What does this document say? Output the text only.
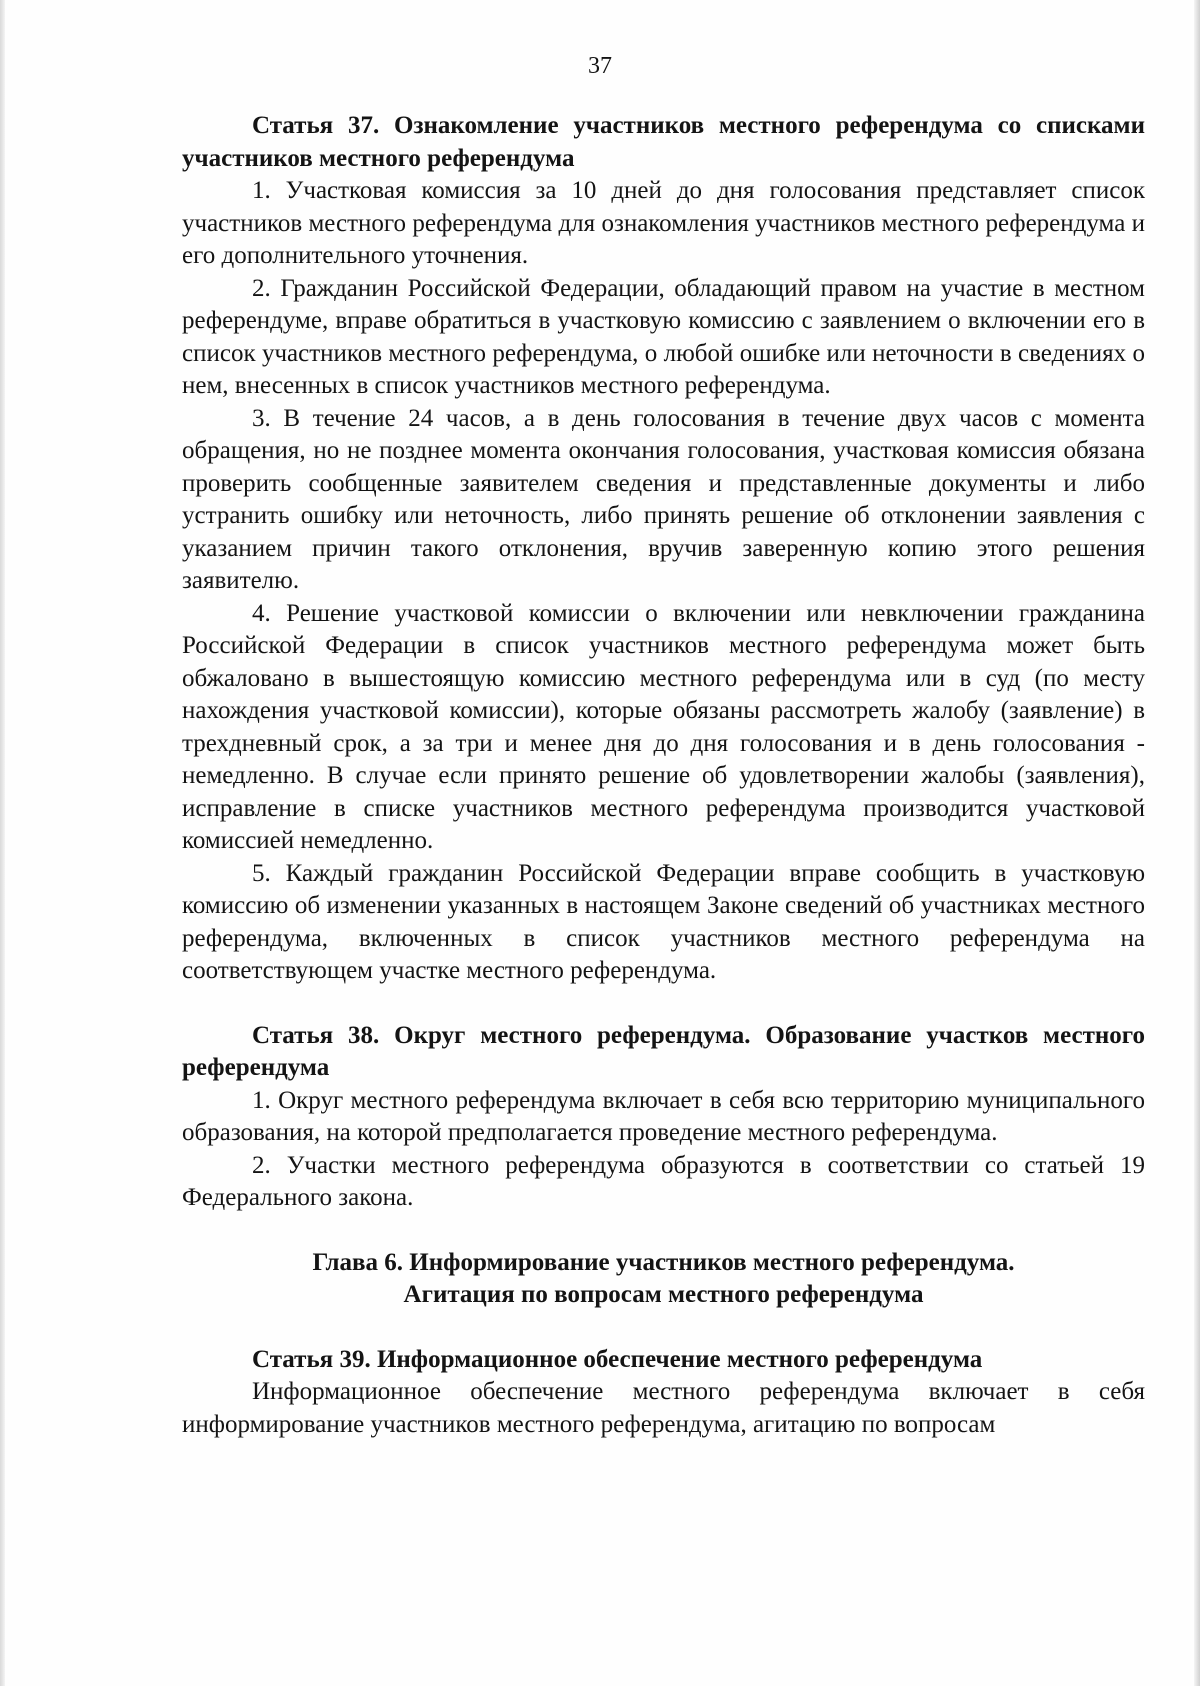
37

Статья 37. Ознакомление участников местного референдума со списками участников местного референдума

1. Участковая комиссия за 10 дней до дня голосования представляет список участников местного референдума для ознакомления участников местного референдума и его дополнительного уточнения.

2. Гражданин Российской Федерации, обладающий правом на участие в местном референдуме, вправе обратиться в участковую комиссию с заявлением о включении его в список участников местного референдума, о любой ошибке или неточности в сведениях о нем, внесенных в список участников местного референдума.

3. В течение 24 часов, а в день голосования в течение двух часов с момента обращения, но не позднее момента окончания голосования, участковая комиссия обязана проверить сообщенные заявителем сведения и представленные документы и либо устранить ошибку или неточность, либо принять решение об отклонении заявления с указанием причин такого отклонения, вручив заверенную копию этого решения заявителю.

4. Решение участковой комиссии о включении или невключении гражданина Российской Федерации в список участников местного референдума может быть обжаловано в вышестоящую комиссию местного референдума или в суд (по месту нахождения участковой комиссии), которые обязаны рассмотреть жалобу (заявление) в трехдневный срок, а за три и менее дня до дня голосования и в день голосования - немедленно. В случае если принято решение об удовлетворении жалобы (заявления), исправление в списке участников местного референдума производится участковой комиссией немедленно.

5. Каждый гражданин Российской Федерации вправе сообщить в участковую комиссию об изменении указанных в настоящем Законе сведений об участниках местного референдума, включенных в список участников местного референдума на соответствующем участке местного референдума.

Статья 38. Округ местного референдума. Образование участков местного референдума

1. Округ местного референдума включает в себя всю территорию муниципального образования, на которой предполагается проведение местного референдума.

2. Участки местного референдума образуются в соответствии со статьей 19 Федерального закона.

Глава 6. Информирование участников местного референдума.

Агитация по вопросам местного референдума

Статья 39. Информационное обеспечение местного референдума

Информационное обеспечение местного референдума включает в себя информирование участников местного референдума, агитацию по вопросам
